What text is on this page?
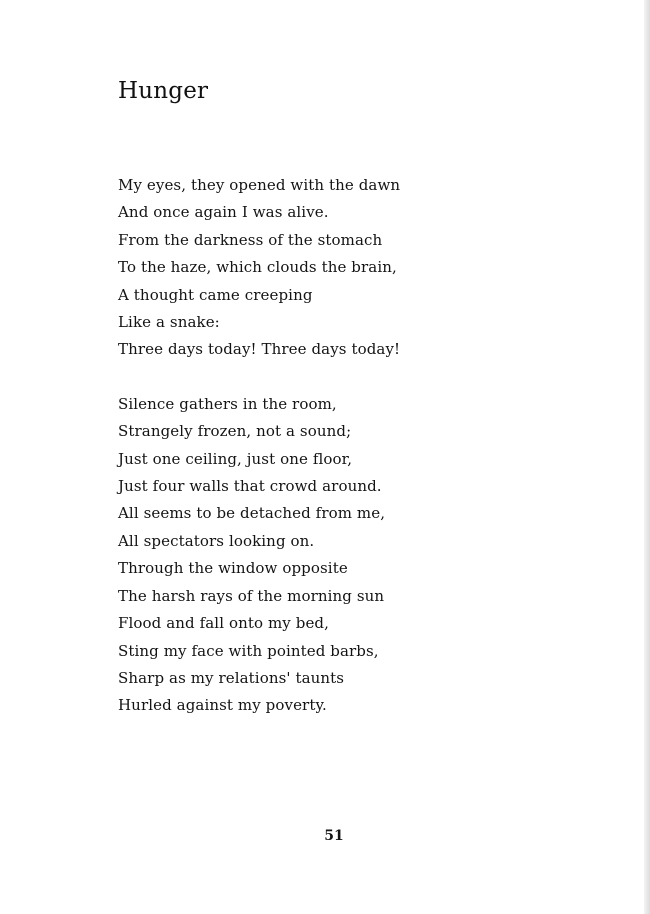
Hunger

My eyes, they opened with the dawn
And once again I was alive.
From the darkness of the stomach
To the haze, which clouds the brain,
A thought came creeping
Like a snake:
Three days today! Three days today!

Silence gathers in the room,
Strangely frozen, not a sound;
Just one ceiling, just one floor,
Just four walls that crowd around.
All seems to be detached from me,
All spectators looking on.
Through the window opposite
The harsh rays of the morning sun
Flood and fall onto my bed,
Sting my face with pointed barbs,
Sharp as my relations' taunts
Hurled against my poverty.

51
